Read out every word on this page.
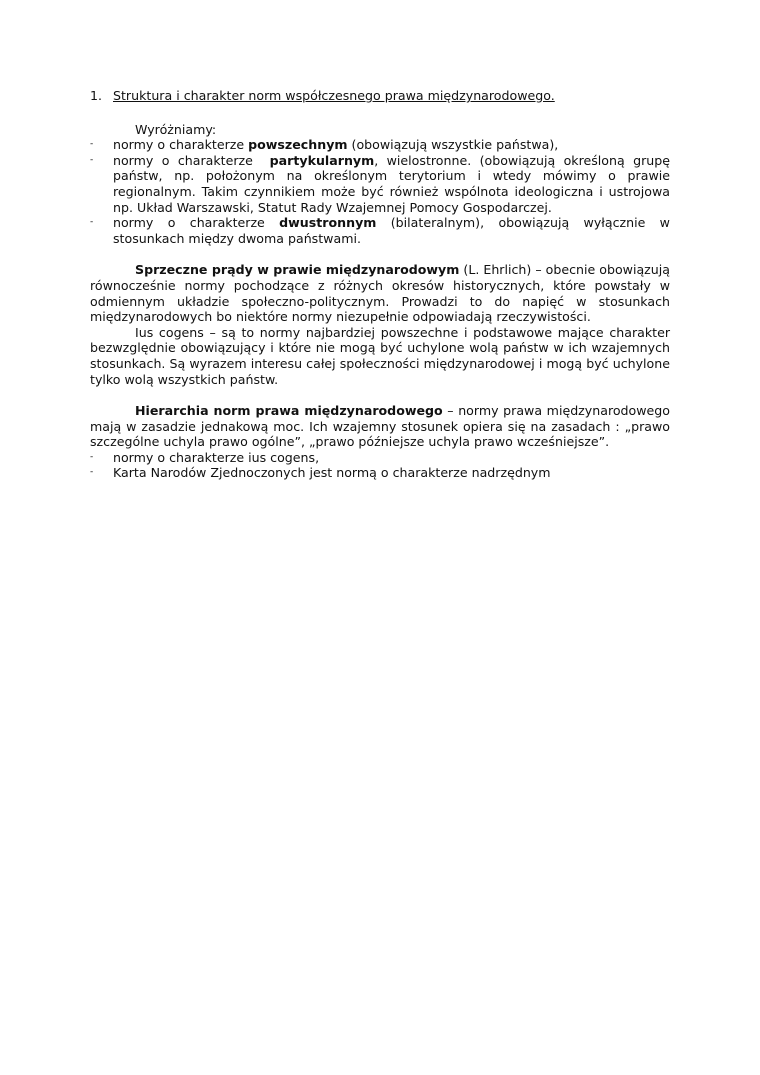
1. Struktura i charakter norm współczesnego prawa międzynarodowego.
Wyróżniamy:
-	normy o charakterze powszechnym (obowiązują wszystkie państwa),
-	normy o charakterze  partykularnym, wielostronne. (obowiązują określoną grupę państw, np. położonym na określonym terytorium i wtedy mówimy o prawie regionalnym. Takim czynnikiem może być również wspólnota ideologiczna i ustrojowa np. Układ Warszawski, Statut Rady Wzajemnej Pomocy Gospodarczej.
-	normy o charakterze dwustronnym (bilateralnym), obowiązują wyłącznie w stosunkach między dwoma państwami.
Sprzeczne prądy w prawie międzynarodowym (L. Ehrlich) – obecnie obowiązują równocześnie normy pochodzące z różnych okresów historycznych, które powstały w odmiennym układzie społeczno-politycznym. Prowadzi to do napięć w stosunkach międzynarodowych bo niektóre normy niezupełnie odpowiadają rzeczywistości.
Ius cogens – są to normy najbardziej powszechne i podstawowe mające charakter bezwzględnie obowiązujący i które nie mogą być uchylone wolą państw w ich wzajemnych stosunkach. Są wyrazem interesu całej społeczności międzynarodowej i mogą być uchylone tylko wolą wszystkich państw.
Hierarchia norm prawa międzynarodowego – normy prawa międzynarodowego mają w zasadzie jednakową moc. Ich wzajemny stosunek opiera się na zasadach : „prawo szczególne uchyla prawo ogólne”, „prawo późniejsze uchyla prawo wcześniejsze”.
-	normy o charakterze ius cogens,
-	Karta Narodów Zjednoczonych jest normą o charakterze nadrzędnym
